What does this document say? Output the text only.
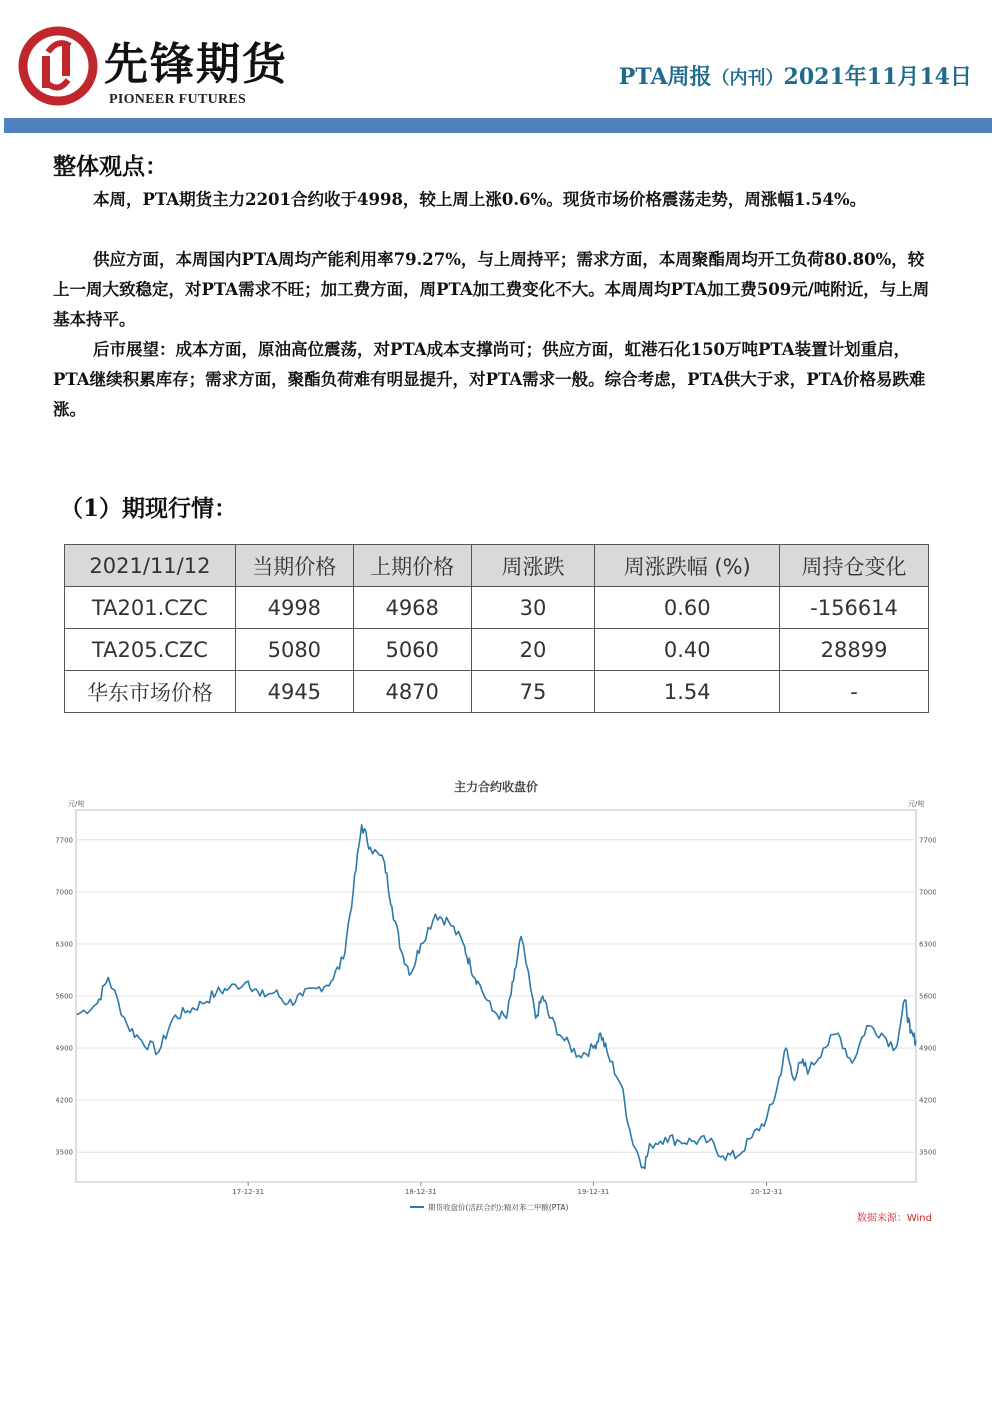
先锋期货
PIONEER FUTURES
PTA周报（内刊）2021年11月14日
整体观点：

本周，PTA期货主力2201合约收于4998，较上周上涨0.6%。现货市场价格震荡走势，周涨幅1.54%。

供应方面，本周国内PTA周均产能利用率79.27%，与上周持平；需求方面，本周聚酯周均开工负荷80.80%，较上一周大致稳定，对PTA需求不旺；加工费方面，周PTA加工费变化不大。本周周均PTA加工费509元/吨附近，与上周基本持平。

后市展望：成本方面，原油高位震荡，对PTA成本支撑尚可；供应方面，虹港石化150万吨PTA装置计划重启，PTA继续积累库存；需求方面，聚酯负荷难有明显提升，对PTA需求一般。综合考虑，PTA供大于求，PTA价格易跌难涨。

（1）期现行情：
2021/11/12	当期价格	上期价格	周涨跌	周涨跌幅 (%)	周持仓变化
TA201.CZC	4998	4968	30	0.60	-156614
TA205.CZC	5080	5060	20	0.40	28899
华东市场价格	4945	4870	75	1.54	-
主力合约收盘价
元/吨	元/吨
3500	3500
4200	4200
4900	4900
5600	5600
6300	6300
7000	7000
7700	7700
17-12-31	18-12-31	19-12-31	20-12-31
期货收盘价(活跃合约):精对苯二甲酸(PTA)
数据来源：Wind
